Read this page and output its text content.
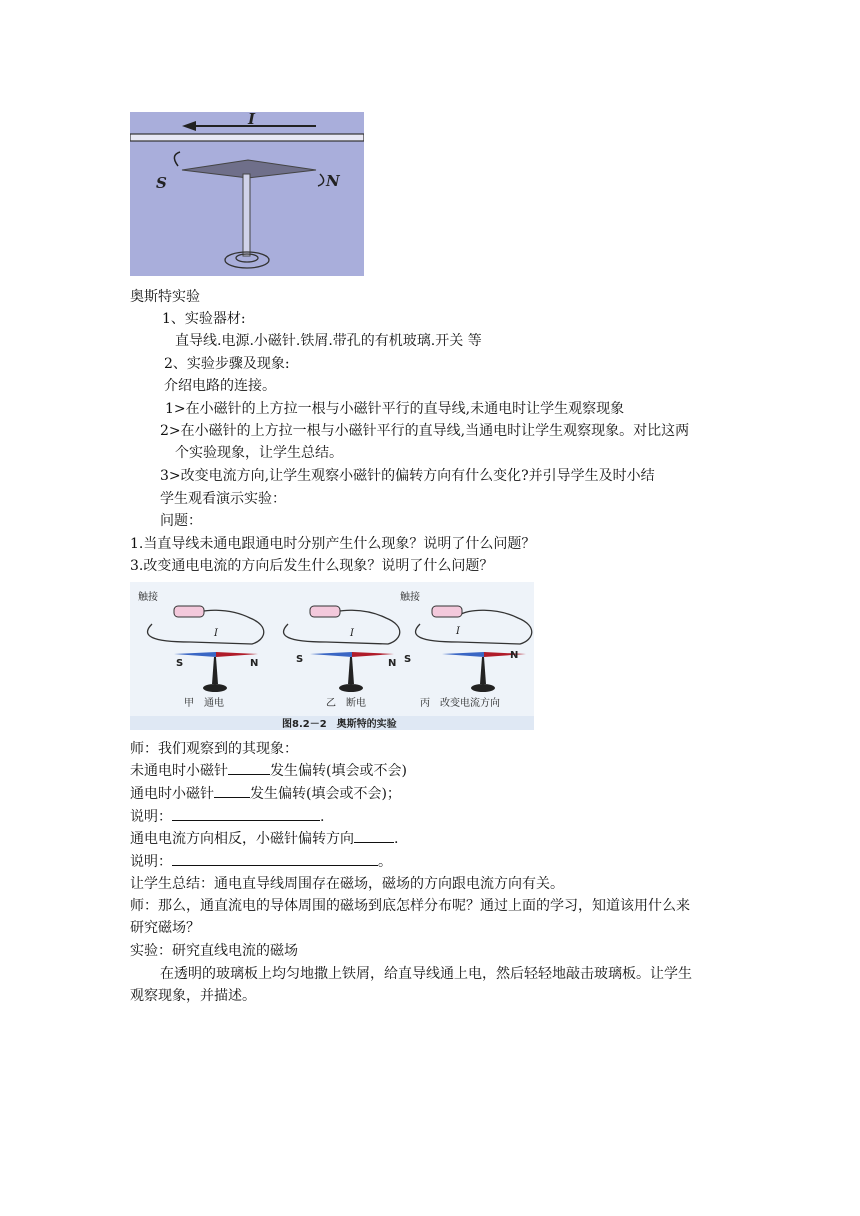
I
S	N
奥斯特实验
1、实验器材:
直导线.电源.小磁针.铁屑.带孔的有机玻璃.开关 等
2、实验步骤及现象:
介绍电路的连接。
1>在小磁针的上方拉一根与小磁针平行的直导线,未通电时让学生观察现象
2>在小磁针的上方拉一根与小磁针平行的直导线,当通电时让学生观察现象。对比这两
个实验现象，让学生总结。
3>改变电流方向,让学生观察小磁针的偏转方向有什么变化?并引导学生及时小结
学生观看演示实验：
问题：
1.当直导线未通电跟通电时分别产生什么现象？说明了什么问题？
3.改变通电电流的方向后发生什么现象？说明了什么问题？
触接
I
S	N
甲　通电
I
S	N
乙　断电
触接
I
S	N
丙　改变电流方向
图8.2－2　奥斯特的实验
师：我们观察到的其现象：
未通电时小磁针	发生偏转(填会或不会)
通电时小磁针	发生偏转(填会或不会)；
说明：	.
通电电流方向相反，小磁针偏转方向	.
说明：	。
让学生总结：通电直导线周围存在磁场，磁场的方向跟电流方向有关。
师：那么，通直流电的导体周围的磁场到底怎样分布呢？通过上面的学习，知道该用什么来
研究磁场？
实验：研究直线电流的磁场
在透明的玻璃板上均匀地撒上铁屑，给直导线通上电，然后轻轻地敲击玻璃板。让学生
观察现象，并描述。
